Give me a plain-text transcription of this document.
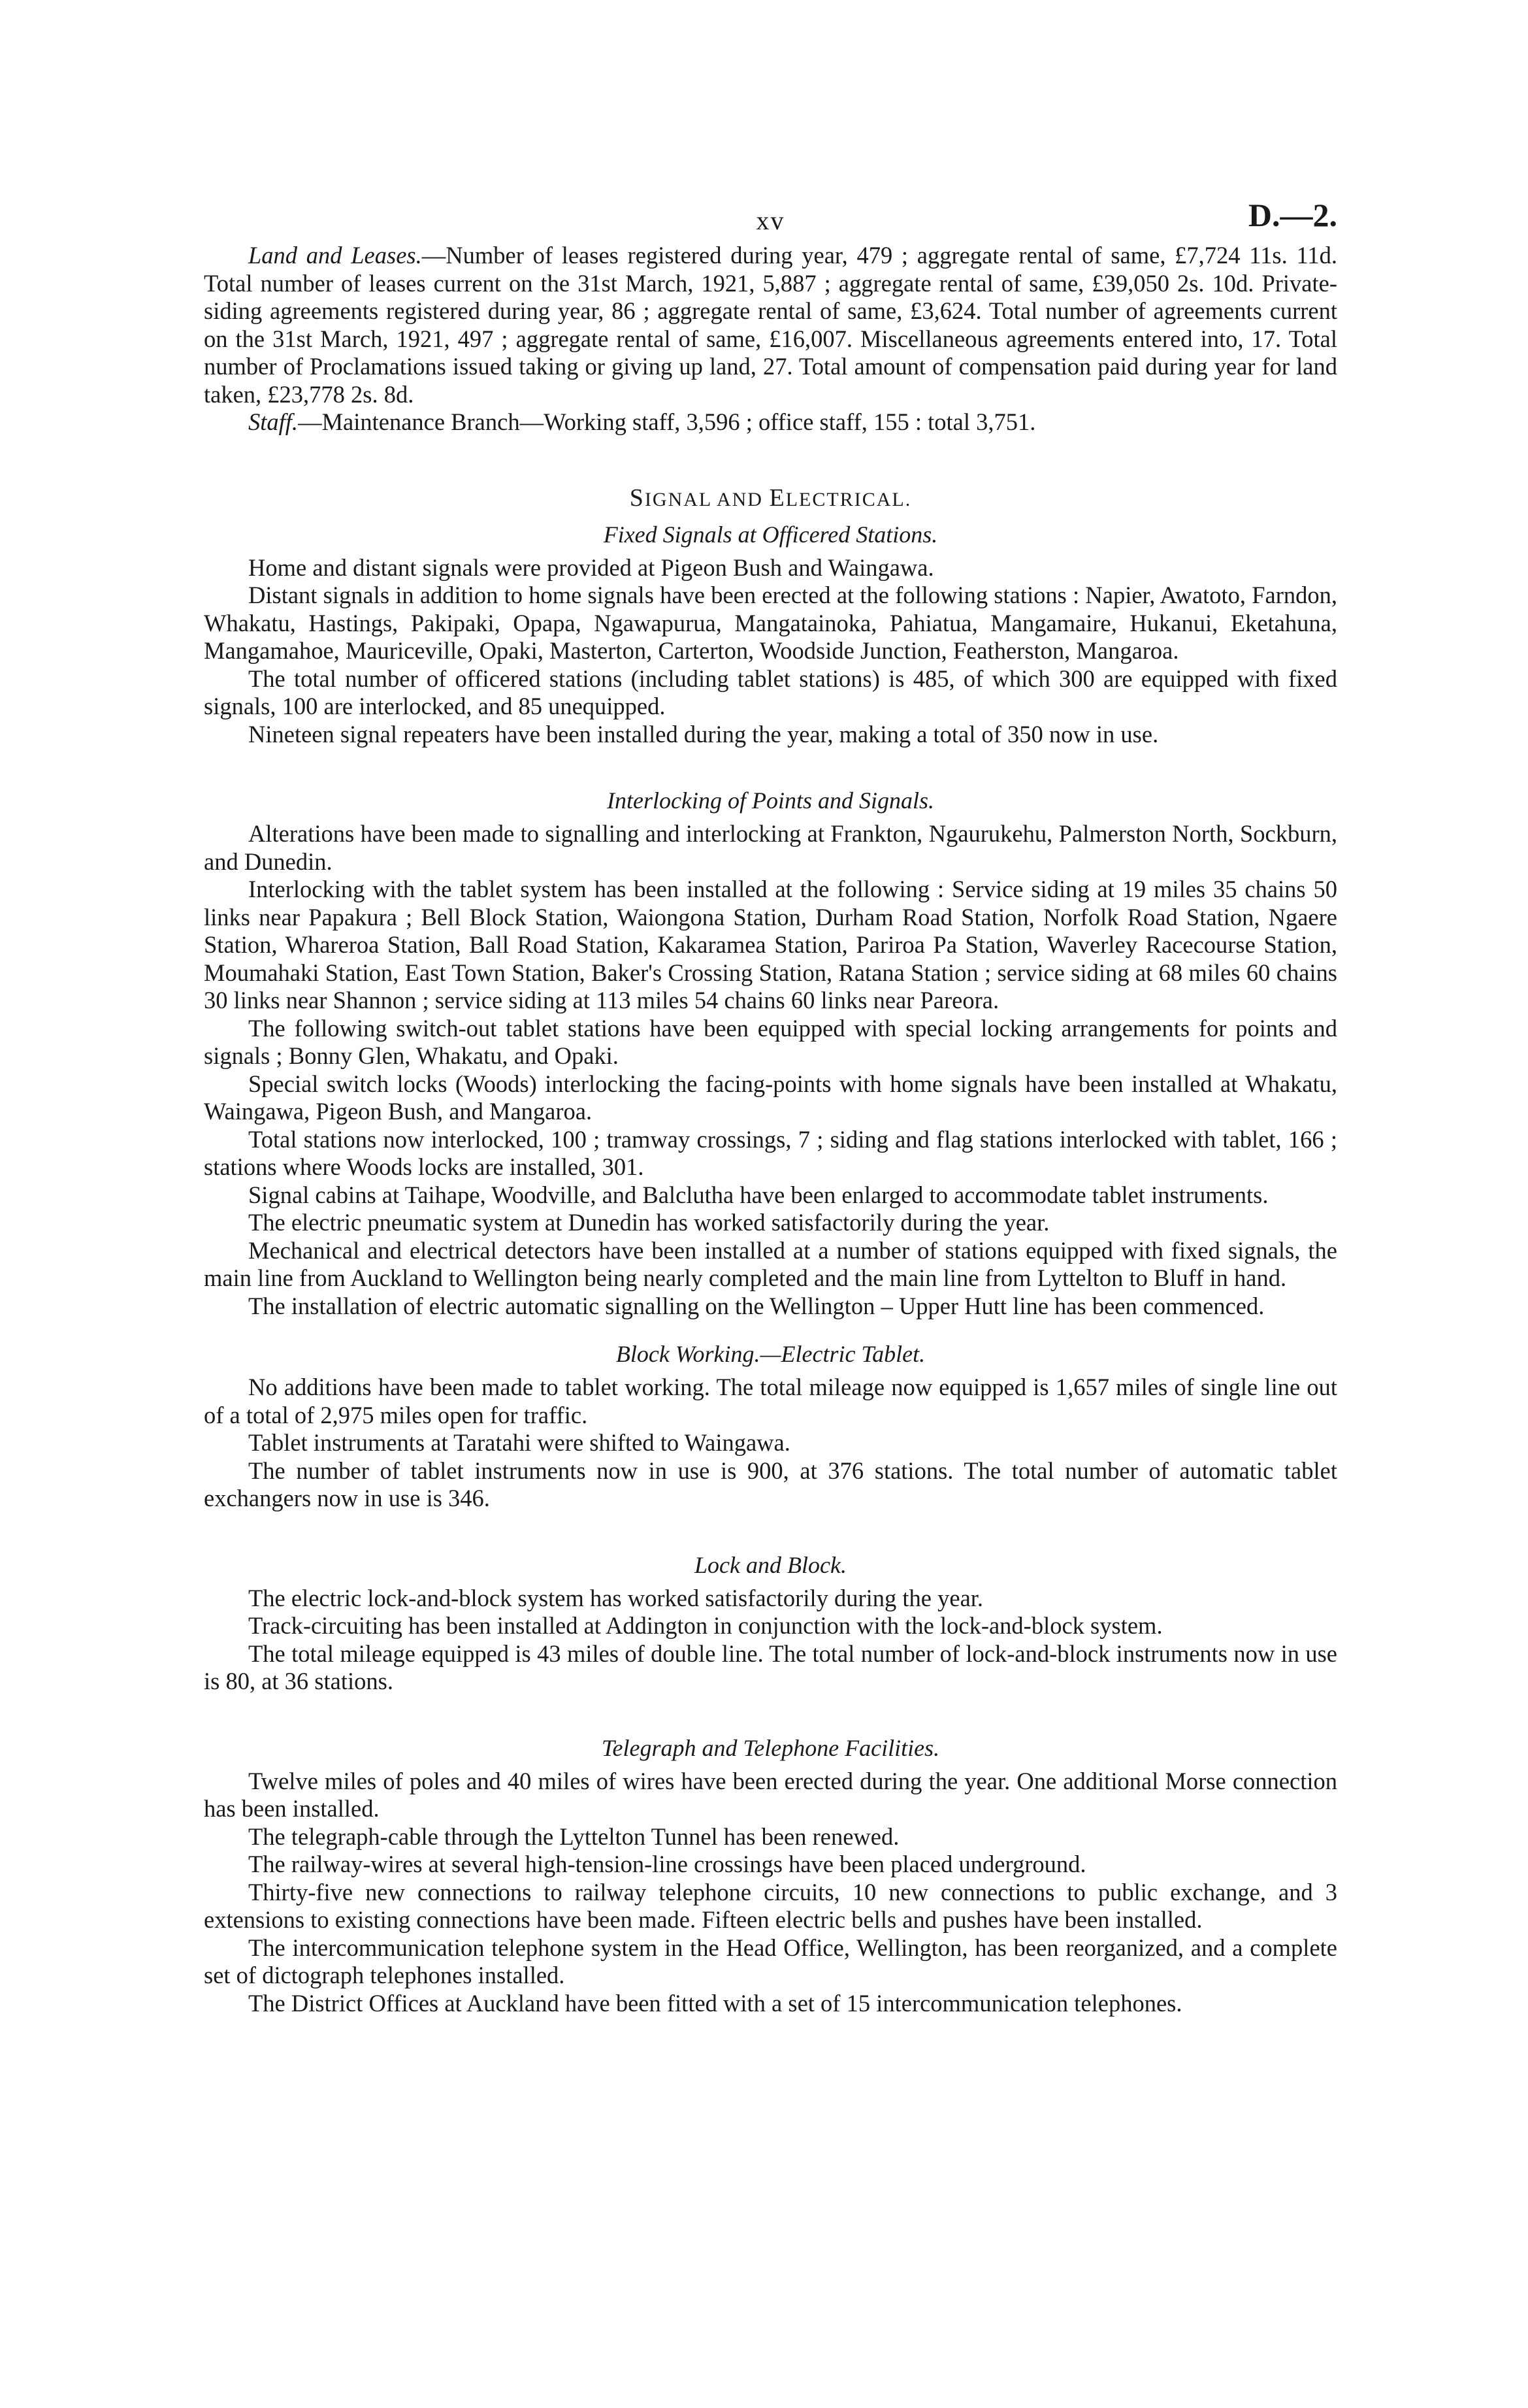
xv	D.—2.

Land and Leases.—Number of leases registered during year, 479 ; aggregate rental of same, £7,724 11s. 11d. Total number of leases current on the 31st March, 1921, 5,887 ; aggregate rental of same, £39,050 2s. 10d. Private-siding agreements registered during year, 86 ; aggregate rental of same, £3,624. Total number of agreements current on the 31st March, 1921, 497 ; aggregate rental of same, £16,007. Miscellaneous agreements entered into, 17. Total number of Proclamations issued taking or giving up land, 27. Total amount of compensation paid during year for land taken, £23,778 2s. 8d.

Staff.—Maintenance Branch—Working staff, 3,596 ; office staff, 155 : total 3,751.

SIGNAL AND ELECTRICAL.
Fixed Signals at Officered Stations.

Home and distant signals were provided at Pigeon Bush and Waingawa.

Distant signals in addition to home signals have been erected at the following stations : Napier, Awatoto, Farndon, Whakatu, Hastings, Pakipaki, Opapa, Ngawapurua, Mangatainoka, Pahiatua, Mangamaire, Hukanui, Eketahuna, Mangamahoe, Mauriceville, Opaki, Masterton, Carterton, Woodside Junction, Featherston, Mangaroa.

The total number of officered stations (including tablet stations) is 485, of which 300 are equipped with fixed signals, 100 are interlocked, and 85 unequipped.

Nineteen signal repeaters have been installed during the year, making a total of 350 now in use.

Interlocking of Points and Signals.

Alterations have been made to signalling and interlocking at Frankton, Ngaurukehu, Palmerston North, Sockburn, and Dunedin.

Interlocking with the tablet system has been installed at the following : Service siding at 19 miles 35 chains 50 links near Papakura ; Bell Block Station, Waiongona Station, Durham Road Station, Norfolk Road Station, Ngaere Station, Whareroa Station, Ball Road Station, Kakaramea Station, Pariroa Pa Station, Waverley Racecourse Station, Moumahaki Station, East Town Station, Baker's Crossing Station, Ratana Station ; service siding at 68 miles 60 chains 30 links near Shannon ; service siding at 113 miles 54 chains 60 links near Pareora.

The following switch-out tablet stations have been equipped with special locking arrangements for points and signals ; Bonny Glen, Whakatu, and Opaki.

Special switch locks (Woods) interlocking the facing-points with home signals have been installed at Whakatu, Waingawa, Pigeon Bush, and Mangaroa.

Total stations now interlocked, 100 ; tramway crossings, 7 ; siding and flag stations interlocked with tablet, 166 ; stations where Woods locks are installed, 301.

Signal cabins at Taihape, Woodville, and Balclutha have been enlarged to accommodate tablet instruments.

The electric pneumatic system at Dunedin has worked satisfactorily during the year.

Mechanical and electrical detectors have been installed at a number of stations equipped with fixed signals, the main line from Auckland to Wellington being nearly completed and the main line from Lyttelton to Bluff in hand.

The installation of electric automatic signalling on the Wellington – Upper Hutt line has been commenced.

Block Working.—Electric Tablet.

No additions have been made to tablet working. The total mileage now equipped is 1,657 miles of single line out of a total of 2,975 miles open for traffic.

Tablet instruments at Taratahi were shifted to Waingawa.

The number of tablet instruments now in use is 900, at 376 stations. The total number of automatic tablet exchangers now in use is 346.

Lock and Block.

The electric lock-and-block system has worked satisfactorily during the year.

Track-circuiting has been installed at Addington in conjunction with the lock-and-block system.

The total mileage equipped is 43 miles of double line. The total number of lock-and-block instruments now in use is 80, at 36 stations.

Telegraph and Telephone Facilities.

Twelve miles of poles and 40 miles of wires have been erected during the year. One additional Morse connection has been installed.

The telegraph-cable through the Lyttelton Tunnel has been renewed.

The railway-wires at several high-tension-line crossings have been placed underground.

Thirty-five new connections to railway telephone circuits, 10 new connections to public exchange, and 3 extensions to existing connections have been made. Fifteen electric bells and pushes have been installed.

The intercommunication telephone system in the Head Office, Wellington, has been reorganized, and a complete set of dictograph telephones installed.

The District Offices at Auckland have been fitted with a set of 15 intercommunication telephones.
